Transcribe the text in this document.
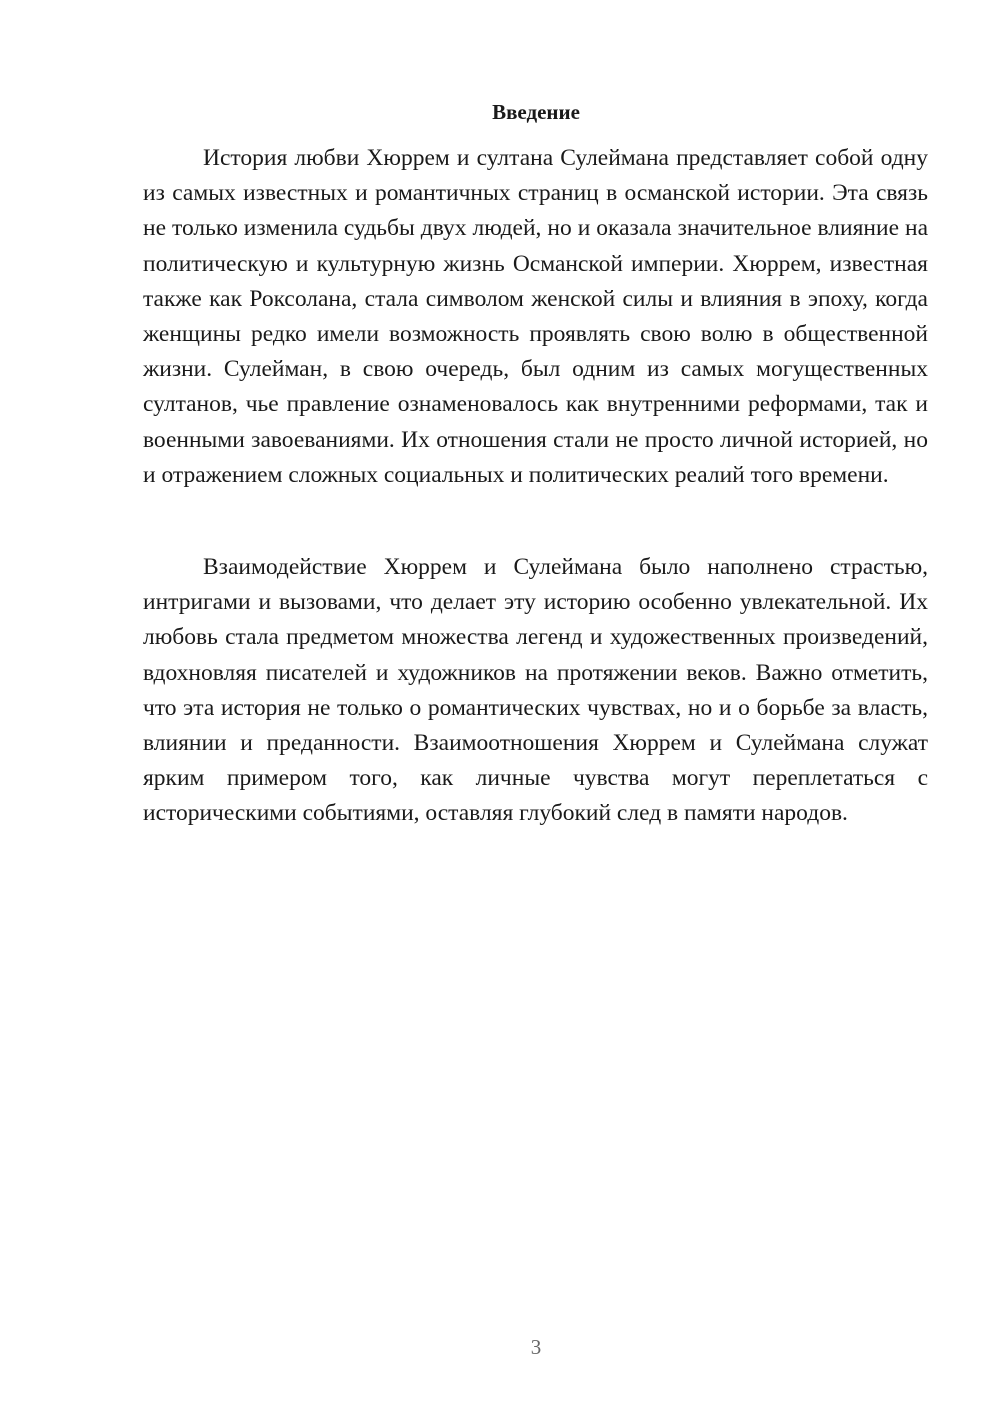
Введение

История любви Хюррем и султана Сулеймана представляет собой одну из самых известных и романтичных страниц в османской истории. Эта связь не только изменила судьбы двух людей, но и оказала значительное влияние на политическую и культурную жизнь Османской империи. Хюррем, известная также как Роксолана, стала символом женской силы и влияния в эпоху, когда женщины редко имели возможность проявлять свою волю в общественной жизни. Сулейман, в свою очередь, был одним из самых могущественных султанов, чье правление ознаменовалось как внутренними реформами, так и военными завоеваниями. Их отношения стали не просто личной историей, но и отражением сложных социальных и политических реалий того времени.

Взаимодействие Хюррем и Сулеймана было наполнено страстью, интригами и вызовами, что делает эту историю особенно увлекательной. Их любовь стала предметом множества легенд и художественных произведений, вдохновляя писателей и художников на протяжении веков. Важно отметить, что эта история не только о романтических чувствах, но и о борьбе за власть, влиянии и преданности. Взаимоотношения Хюррем и Сулеймана служат ярким примером того, как личные чувства могут переплетаться с историческими событиями, оставляя глубокий след в памяти народов.

3
